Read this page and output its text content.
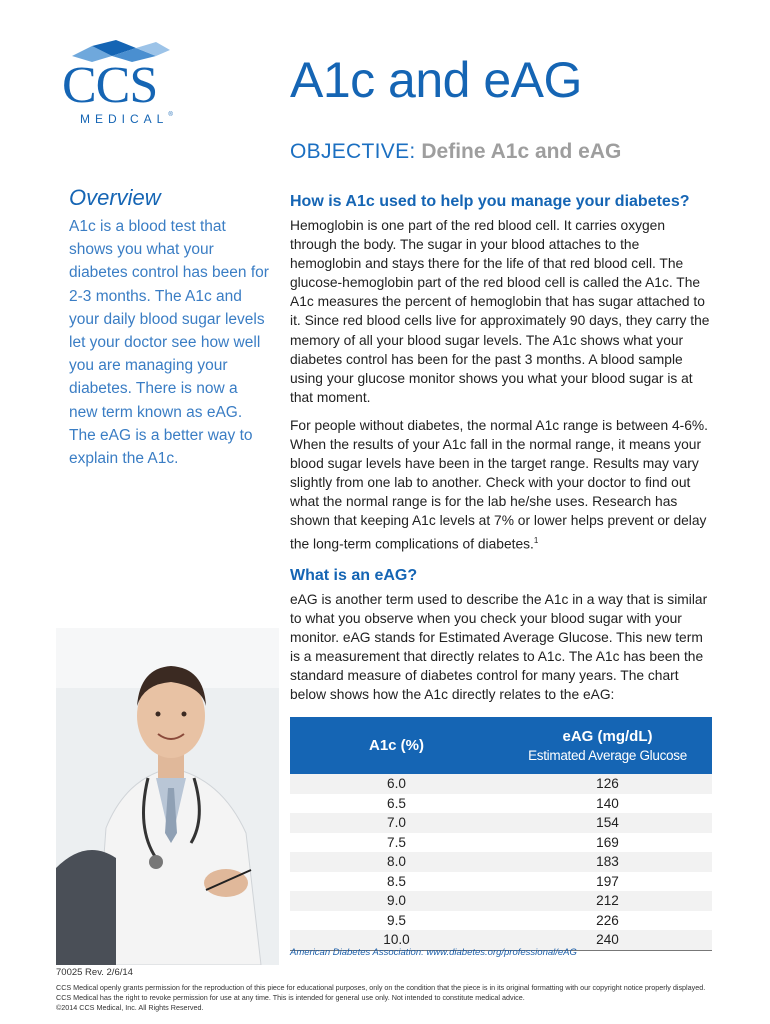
CCS
MEDICAL®
A1c and eAG
OBJECTIVE: Define A1c and eAG
Overview
A1c is a blood test that shows you what your diabetes control has been for 2-3 months. The A1c and your daily blood sugar levels let your doctor see how well you are managing your diabetes. There is now a new term known as eAG. The eAG is a better way to explain the A1c.
How is A1c used to help you manage your diabetes?
Hemoglobin is one part of the red blood cell. It carries oxygen through the body. The sugar in your blood attaches to the hemoglobin and stays there for the life of that red blood cell. The glucose-hemoglobin part of the red blood cell is called the A1c. The A1c measures the percent of hemoglobin that has sugar attached to it. Since red blood cells live for approximately 90 days, they carry the memory of all your blood sugar levels. The A1c shows what your diabetes control has been for the past 3 months. A blood sample using your glucose monitor shows you what your blood sugar is at that moment.
For people without diabetes, the normal A1c range is between 4-6%. When the results of your A1c fall in the normal range, it means your blood sugar levels have been in the target range. Results may vary slightly from one lab to another. Check with your doctor to find out what the normal range is for the lab he/she uses. Research has shown that keeping A1c levels at 7% or lower helps prevent or delay the long-term complications of diabetes.$^1$
What is an eAG?
eAG is another term used to describe the A1c in a way that is similar to what you observe when you check your blood sugar with your monitor. eAG stands for Estimated Average Glucose. This new term is a measurement that directly relates to A1c. The A1c has been the standard measure of diabetes control for many years. The chart below shows how the A1c directly relates to the eAG:
A1c (%)	eAG (mg/dL)
Estimated Average Glucose

6.0	126
6.5	140
7.0	154
7.5	169
8.0	183
8.5	197
9.0	212
9.5	226
10.0	240
American Diabetes Association: www.diabetes.org/professional/eAG
70025 Rev. 2/6/14
CCS Medical openly grants permission for the reproduction of this piece for educational purposes, only on the condition that the piece is in its original formatting with our copyright notice properly displayed.
CCS Medical has the right to revoke permission for use at any time. This is intended for general use only. Not intended to constitute medical advice.
©2014 CCS Medical, Inc. All Rights Reserved.
